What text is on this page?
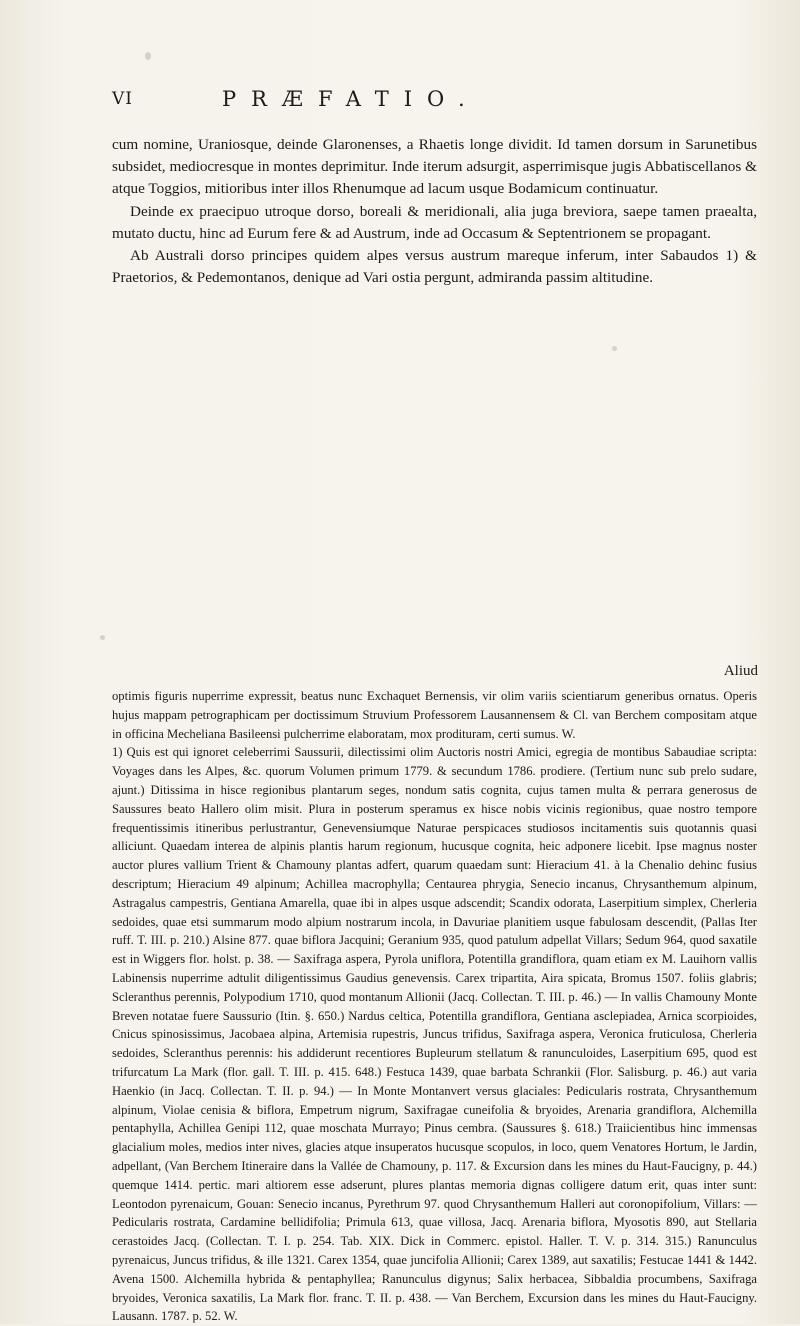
VI	PRÆFATIO.

cum nomine, Uraniosque, deinde Glaronenses, a Rhaetis longe dividit. Id tamen dorsum in Sarunetibus subsidet, mediocresque in montes deprimitur. Inde iterum adsurgit, asperrimisque jugis Abbatiscellanos & atque Toggios, mitioribus inter illos Rhenumque ad lacum usque Bodamicum continuatur.

Deinde ex praecipuo utroque dorso, boreali & meridionali, alia juga breviora, saepe tamen praealta, mutato ductu, hinc ad Eurum fere & ad Austrum, inde ad Occasum & Septentrionem se propagant.

Ab Australi dorso principes quidem alpes versus austrum mareque inferum, inter Sabaudos 1) & Praetorios, & Pedemontanos, denique ad Vari ostia pergunt, admiranda passim altitudine.

Aliud

optimis figuris nuperrime expressit, beatus nunc Exchaquet Bernensis, vir olim variis scientiarum generibus ornatus. Operis hujus mappam petrographicam per doctissimum Struvium Professorem Lausannensem & Cl. van Berchem compositam atque in officina Mecheliana Basileensi pulcherrime elaboratam, mox prodituram, certi sumus. W.

1) Quis est qui ignoret celeberrimi Saussurii, dilectissimi olim Auctoris nostri Amici, egregia de montibus Sabaudiae scripta: Voyages dans les Alpes, &c. quorum Volumen primum 1779. & secundum 1786. prodiere. (Tertium nunc sub prelo sudare, ajunt.) Ditissima in hisce regionibus plantarum seges, nondum satis cognita, cujus tamen multa & perrara generosus de Saussures beato Hallero olim misit. Plura in posterum speramus ex hisce nobis vicinis regionibus, quae nostro tempore frequentissimis itineribus perlustrantur, Genevensiumque Naturae perspicaces studiosos incitamentis suis quotannis quasi alliciunt. Quaedam interea de alpinis plantis harum regionum, hucusque cognita, heic adponere licebit. Ipse magnus noster auctor plures vallium Trient & Chamouny plantas adfert, quarum quaedam sunt: Hieracium 41. à la Chenalio dehinc fusius descriptum; Hieracium 49 alpinum; Achillea macrophylla; Centaurea phrygia, Senecio incanus, Chrysanthemum alpinum, Astragalus campestris, Gentiana Amarella, quae ibi in alpes usque adscendit; Scandix odorata, Laserpitium simplex, Cherleria sedoides, quae etsi summarum modo alpium nostrarum incola, in Davuriae planitiem usque fabulosam descendit, (Pallas Iter ruff. T. III. p. 210.) Alsine 877. quae biflora Jacquini; Geranium 935, quod patulum adpellat Villars; Sedum 964, quod saxatile est in Wiggers flor. holst. p. 38. — Saxifraga aspera, Pyrola uniflora, Potentilla grandiflora, quam etiam ex M. Lauihorn vallis Labinensis nuperrime adtulit diligentissimus Gaudius genevensis. Carex tripartita, Aira spicata, Bromus 1507. foliis glabris; Scleranthus perennis, Polypodium 1710, quod montanum Allionii (Jacq. Collectan. T. III. p. 46.) — In vallis Chamouny Monte Breven notatae fuere Saussurio (Itin. §. 650.) Nardus celtica, Potentilla grandiflora, Gentiana asclepiadea, Arnica scorpioides, Cnicus spinosissimus, Jacobaea alpina, Artemisia rupestris, Juncus trifidus, Saxifraga aspera, Veronica fruticulosa, Cherleria sedoides, Scleranthus perennis: his addiderunt recentiores Bupleurum stellatum & ranunculoides, Laserpitium 695, quod est trifurcatum La Mark (flor. gall. T. III. p. 415. 648.) Festuca 1439, quae barbata Schrankii (Flor. Salisburg. p. 46.) aut varia Haenkio (in Jacq. Collectan. T. II. p. 94.) — In Monte Montanvert versus glaciales: Pedicularis rostrata, Chrysanthemum alpinum, Violae cenisia & biflora, Empetrum nigrum, Saxifragae cuneifolia & bryoides, Arenaria grandiflora, Alchemilla pentaphylla, Achillea Genipi 112, quae moschata Murrayo; Pinus cembra. (Saussures §. 618.) Traiicientibus hinc immensas glacialium moles, medios inter nives, glacies atque insuperatos hucusque scopulos, in loco, quem Venatores Hortum, le Jardin, adpellant, (Van Berchem Itineraire dans la Vallée de Chamouny, p. 117. & Excursion dans les mines du Haut-Faucigny, p. 44.) quemque 1414. pertic. mari altiorem esse adserunt, plures plantas memoria dignas colligere datum erit, quas inter sunt: Leontodon pyrenaicum, Gouan: Senecio incanus, Pyrethrum 97. quod Chrysanthemum Halleri aut coronopifolium, Villars: — Pedicularis rostrata, Cardamine bellidifolia; Primula 613, quae villosa, Jacq. Arenaria biflora, Myosotis 890, aut Stellaria cerastoides Jacq. (Collectan. T. I. p. 254. Tab. XIX. Dick in Commerc. epistol. Haller. T. V. p. 314. 315.) Ranunculus pyrenaicus, Juncus trifidus, & ille 1321. Carex 1354, quae juncifolia Allionii; Carex 1389, aut saxatilis; Festucae 1441 & 1442. Avena 1500. Alchemilla hybrida & pentaphyllea; Ranunculus digynus; Salix herbacea, Sibbaldia procumbens, Saxifraga bryoides, Veronica saxatilis, La Mark flor. franc. T. II. p. 438. — Van Berchem, Excursion dans les mines du Haut-Faucigny. Lausann. 1787. p. 52. W.
